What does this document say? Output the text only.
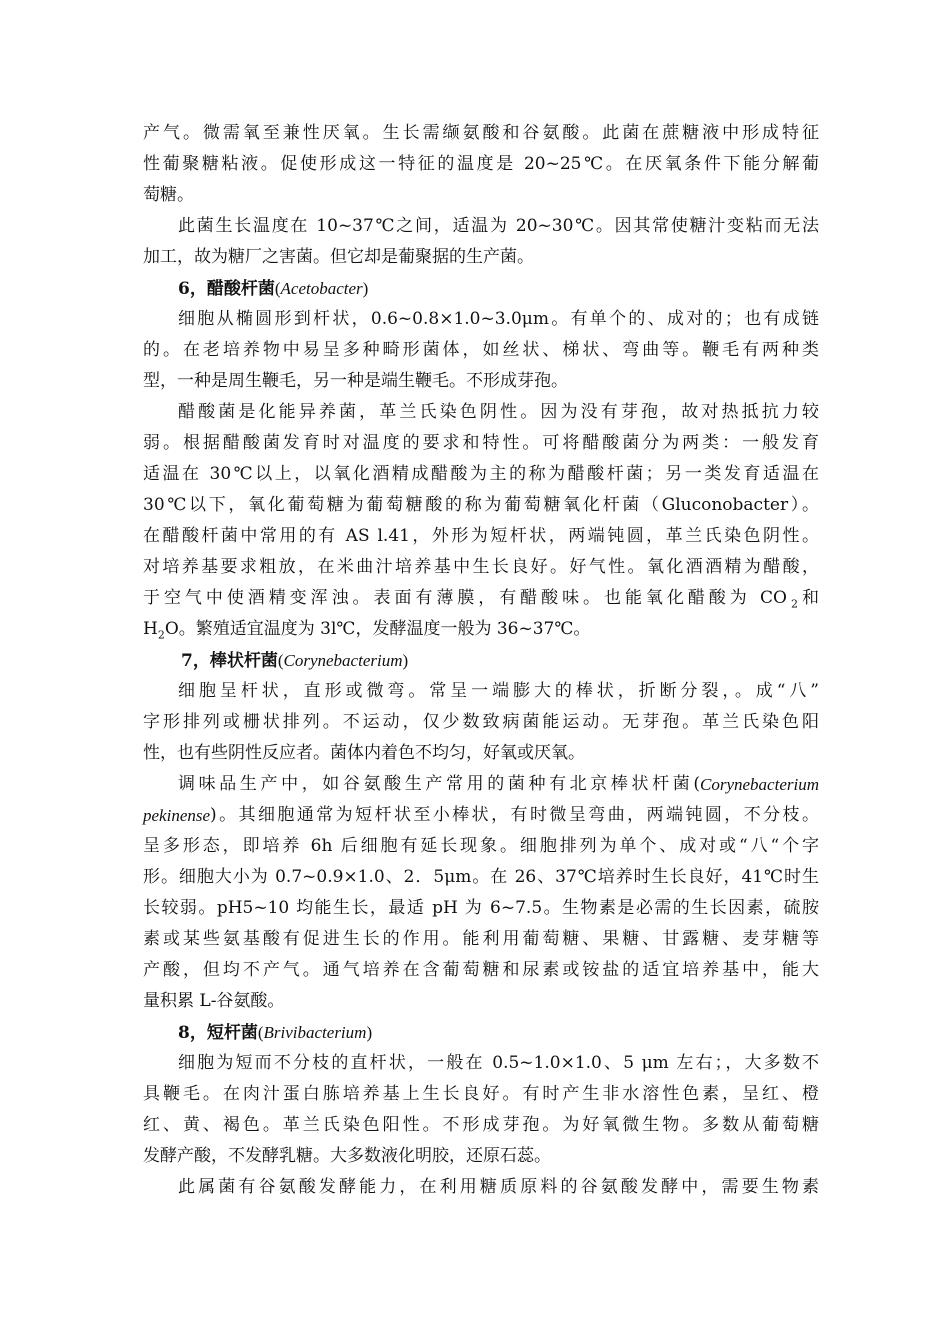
产气。微需氧至兼性厌氧。生长需缬氨酸和谷氨酸。此菌在蔗糖液中形成特征
性葡聚糖粘液。促使形成这一特征的温度是 20~25℃。在厌氧条件下能分解葡
萄糖。
此菌生长温度在 10~37℃之间，适温为 20~30℃。因其常使糖汁变粘而无法
加工，故为糖厂之害菌。但它却是葡聚据的生产菌。
6，醋酸杆菌(Acetobacter)
细胞从椭圆形到杆状，0.6~0.8×1.0~3.0μm。有单个的、成对的；也有成链
的。在老培养物中易呈多种畸形菌体，如丝状、梯状、弯曲等。鞭毛有两种类
型，一种是周生鞭毛，另一种是端生鞭毛。不形成芽孢。
醋酸菌是化能异养菌，革兰氏染色阴性。因为没有芽孢，故对热抵抗力较
弱。根据醋酸菌发育时对温度的要求和特性。可将醋酸菌分为两类：一般发育
适温在 30℃以上，以氧化酒精成醋酸为主的称为醋酸杆菌；另一类发育适温在
30℃以下，氧化葡萄糖为葡萄糖酸的称为葡萄糖氧化杆菌（Gluconobacter）。
在醋酸杆菌中常用的有 AS l.41，外形为短杆状，两端钝圆，革兰氏染色阴性。
对培养基要求粗放，在米曲汁培养基中生长良好。好气性。氧化酒酒精为醋酸，
于空气中使酒精变浑浊。表面有薄膜，有醋酸味。也能氧化醋酸为 CO $_2$ 和
$H_2O$。繁殖适宜温度为 3l℃，发酵温度一般为 36~37℃。
7，棒状杆菌(Corynebacterium)
细胞呈杆状，直形或微弯。常呈一端膨大的棒状，折断分裂，。成“八”
字形排列或栅状排列。不运动，仅少数致病菌能运动。无芽孢。革兰氏染色阳
性，也有些阴性反应者。菌体内着色不均匀，好氧或厌氧。
调味品生产中，如谷氨酸生产常用的菌种有北京棒状杆菌( Corynebacterium
pekinense )。其细胞通常为短杆状至小棒状，有时微呈弯曲，两端钝圆，不分枝。
呈多形态，即培养 6h 后细胞有延长现象。细胞排列为单个、成对或“八“个字
形。细胞大小为 0.7~0.9×1.0、2．5μm。在 26、37℃培养时生长良好，41℃时生
长较弱。pH5~10 均能生长，最适 pH 为 6~7.5。生物素是必需的生长因素，硫胺
素或某些氨基酸有促进生长的作用。能利用葡萄糖、果糖、甘露糖、麦芽糖等
产酸，但均不产气。通气培养在含葡萄糖和尿素或铵盐的适宜培养基中，能大
量积累 L-谷氨酸。
8，短杆菌(Brivibacterium)
细胞为短而不分枝的直杆状，一般在 0.5~1.0×1.0、5 μm 左右；，大多数不
具鞭毛。在肉汁蛋白胨培养基上生长良好。有时产生非水溶性色素，呈红、橙
红、黄、褐色。革兰氏染色阳性。不形成芽孢。为好氧微生物。多数从葡萄糖
发酵产酸，不发酵乳糖。大多数液化明胶，还原石蕊。
此属菌有谷氨酸发酵能力，在利用糖质原料的谷氨酸发酵中，需要生物素
